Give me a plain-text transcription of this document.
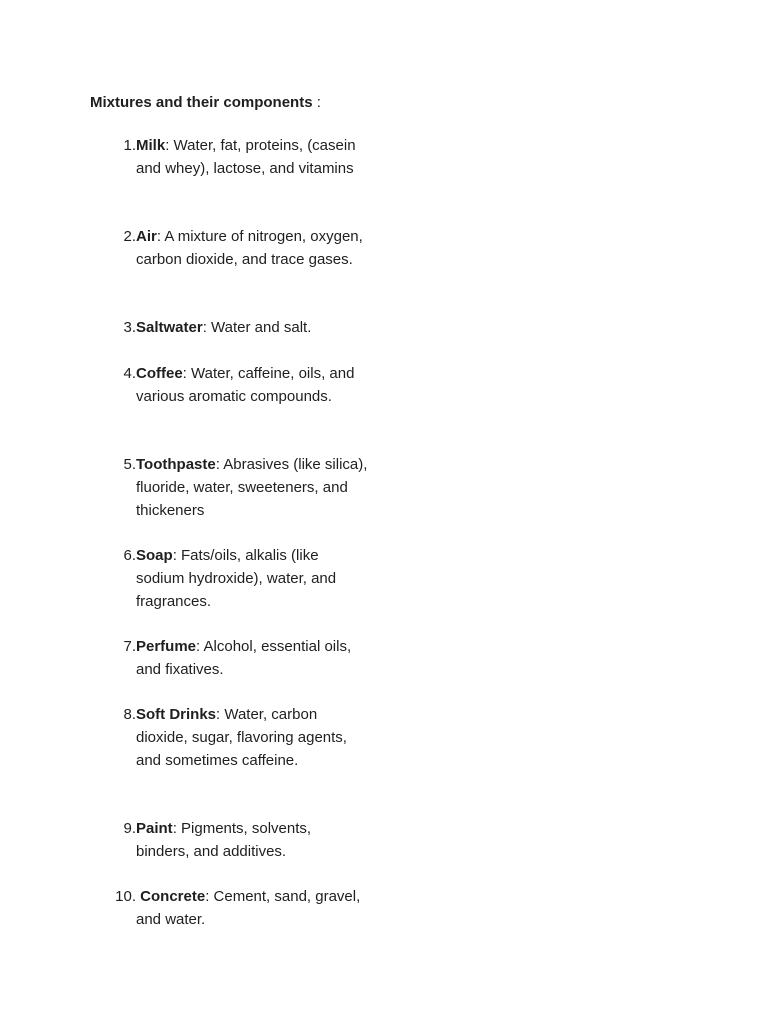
Mixtures and their components :
1. Milk: Water, fat, proteins, (casein and whey), lactose, and vitamins
2. Air: A mixture of nitrogen, oxygen, carbon dioxide, and trace gases.
3. Saltwater: Water and salt.
4. Coffee: Water, caffeine, oils, and various aromatic compounds.
5. Toothpaste: Abrasives (like silica), fluoride, water, sweeteners, and thickeners
6. Soap: Fats/oils, alkalis (like sodium hydroxide), water, and fragrances.
7. Perfume: Alcohol, essential oils, and fixatives.
8. Soft Drinks: Water, carbon dioxide, sugar, flavoring agents, and sometimes caffeine.
9. Paint: Pigments, solvents, binders, and additives.
10. Concrete: Cement, sand, gravel, and water.
